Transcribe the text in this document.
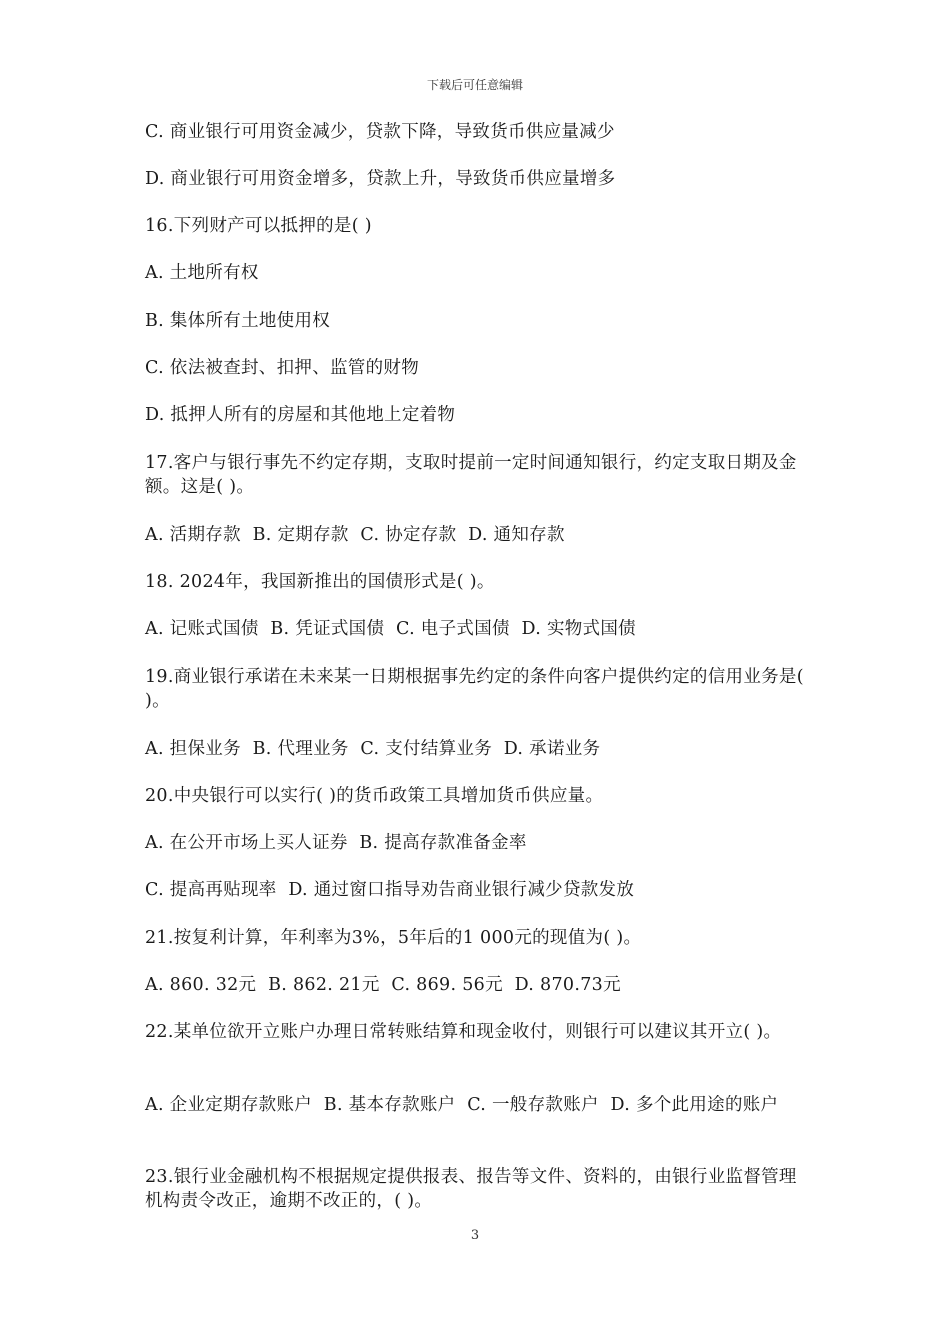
下载后可任意编辑
C. 商业银行可用资金减少，贷款下降，导致货币供应量减少
D. 商业银行可用资金增多，贷款上升，导致货币供应量增多
16.下列财产可以抵押的是( )
A. 土地所有权
B. 集体所有土地使用权
C. 依法被查封、扣押、监管的财物
D. 抵押人所有的房屋和其他地上定着物
17.客户与银行事先不约定存期，支取时提前一定时间通知银行，约定支取日期及金额。这是( )。
A. 活期存款  B. 定期存款  C. 协定存款  D. 通知存款
18. 2024年，我国新推出的国债形式是( )。
A. 记账式国债  B. 凭证式国债  C. 电子式国债  D. 实物式国债
19.商业银行承诺在未来某一日期根据事先约定的条件向客户提供约定的信用业务是( )。
A. 担保业务  B. 代理业务  C. 支付结算业务  D. 承诺业务
20.中央银行可以实行( )的货币政策工具增加货币供应量。
A. 在公开市场上买人证券  B. 提高存款准备金率
C. 提高再贴现率  D. 通过窗口指导劝告商业银行减少贷款发放
21.按复利计算，年利率为3%，5年后的1 000元的现值为( )。
A. 860. 32元  B. 862. 21元  C. 869. 56元  D. 870.73元
22.某单位欲开立账户办理日常转账结算和现金收付，则银行可以建议其开立( )。
A. 企业定期存款账户  B. 基本存款账户  C. 一般存款账户  D. 多个此用途的账户
23.银行业金融机构不根据规定提供报表、报告等文件、资料的，由银行业监督管理机构责令改正，逾期不改正的，( )。
3
